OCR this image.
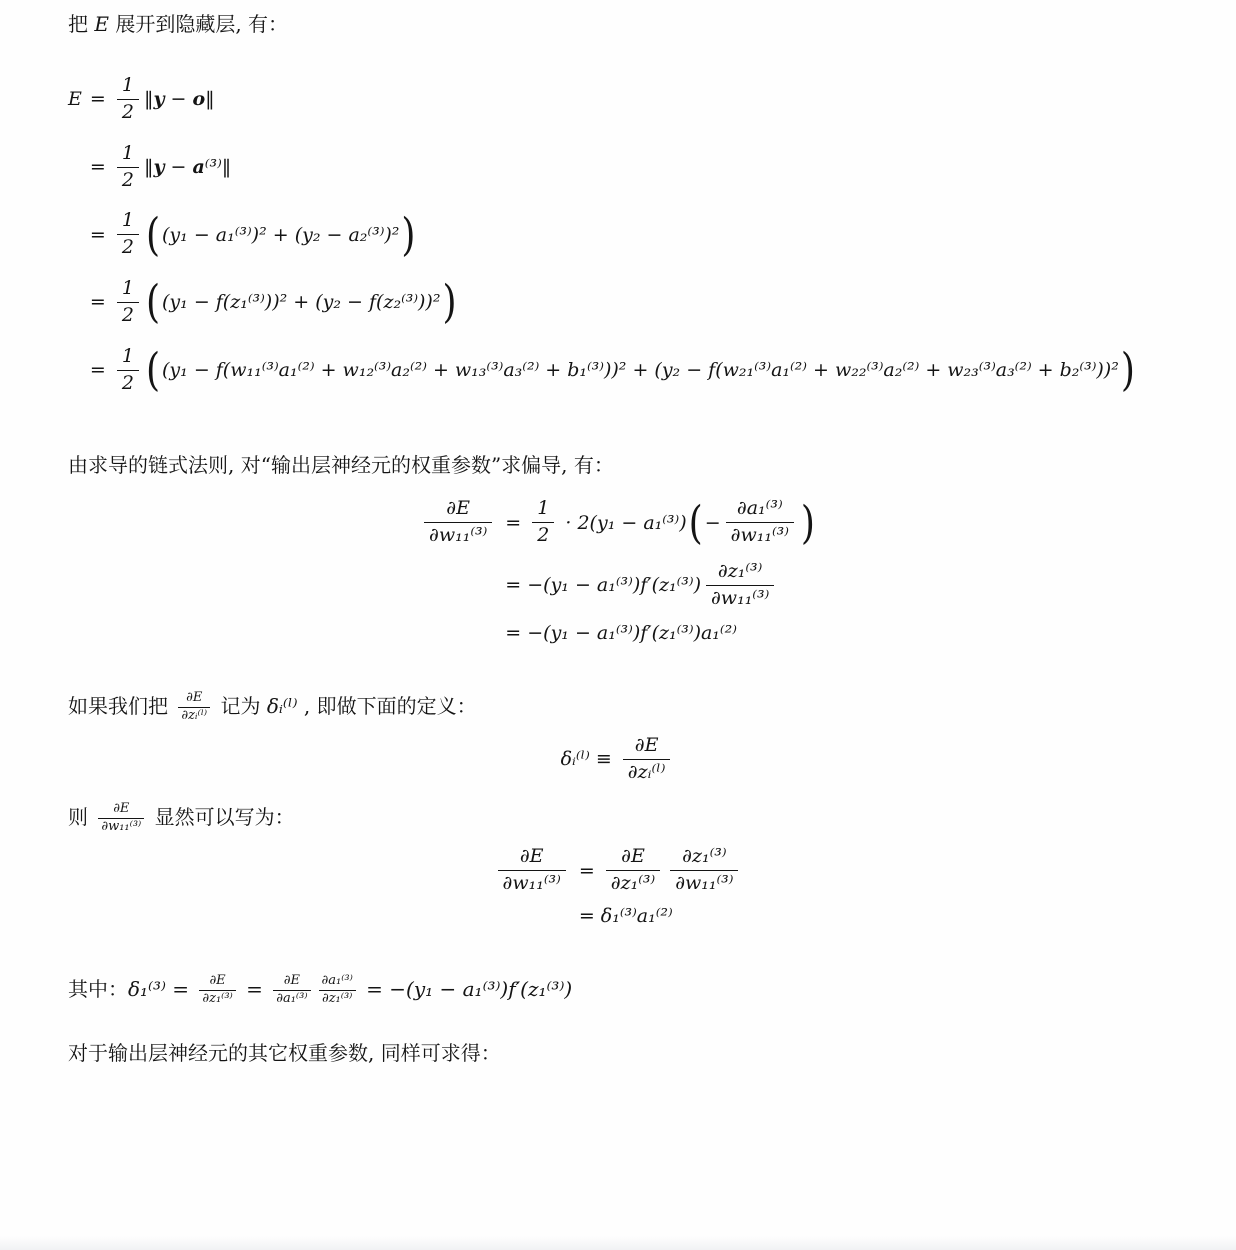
把 E 展开到隐藏层, 有：

$E = \frac{1}{2}$ ‖ y − o ‖
= $\frac{1}{2}$ ‖ y − a ⁽³⁾‖
= $\frac{1}{2}$ ( (y₁ − a₁⁽³⁾)² + (y₂ − a₂⁽³⁾)² )
= $\frac{1}{2}$ ( (y₁ − f(z₁⁽³⁾))² + (y₂ − f(z₂⁽³⁾))² )
= $\frac{1}{2}$ ( (y₁ − f(w₁₁⁽³⁾a₁⁽²⁾ + w₁₂⁽³⁾a₂⁽²⁾ + w₁₃⁽³⁾a₃⁽²⁾ + b₁⁽³⁾))² + (y₂ − f(w₂₁⁽³⁾a₁⁽²⁾ + w₂₂⁽³⁾a₂⁽²⁾ + w₂₃⁽³⁾a₃⁽²⁾ + b₂⁽³⁾))² )

由求导的链式法则, 对“输出层神经元的权重参数”求偏导, 有：

$\frac{\partial E}{\text{∂w₁₁⁽³⁾}} = \frac{1}{2} \cdot 2(y_1 - a_1^{(3)})$ ( − $\frac{\text{∂a₁⁽³⁾}}{\text{∂w₁₁⁽³⁾}}$ )
= $-(y_1 - a_1^{(3)})f'(z_1^{(3)}) \frac{\text{∂z₁⁽³⁾}}{\text{∂w₁₁⁽³⁾}}$
= −(y₁ − a₁⁽³⁾)f′(z₁⁽³⁾)a₁⁽²⁾

如果我们把 $\frac{\partial E}{\text{∂zᵢ⁽ˡ⁾}}$ 记为 δᵢ⁽ˡ⁾ , 即做下面的定义：

δᵢ⁽ˡ⁾ ≡ $\frac{\partial E}{\text{∂zᵢ⁽ˡ⁾}}$

则 $\frac{\partial E}{\text{∂w₁₁⁽³⁾}}$ 显然可以写为：

$\frac{\partial E}{\text{∂w₁₁⁽³⁾}} = \frac{\partial E}{\text{∂z₁⁽³⁾}} \frac{\text{∂z₁⁽³⁾}}{\text{∂w₁₁⁽³⁾}}$
= δ₁⁽³⁾a₁⁽²⁾

其中：$\delta_1^{(3)} = \frac{\partial E}{\text{∂z₁⁽³⁾}} = \frac{\partial E}{\text{∂a₁⁽³⁾}} \frac{\text{∂a₁⁽³⁾}}{\text{∂z₁⁽³⁾}} = -(y_1 - a_1^{(3)})f'(z_1^{(3)})$

对于输出层神经元的其它权重参数, 同样可求得：
